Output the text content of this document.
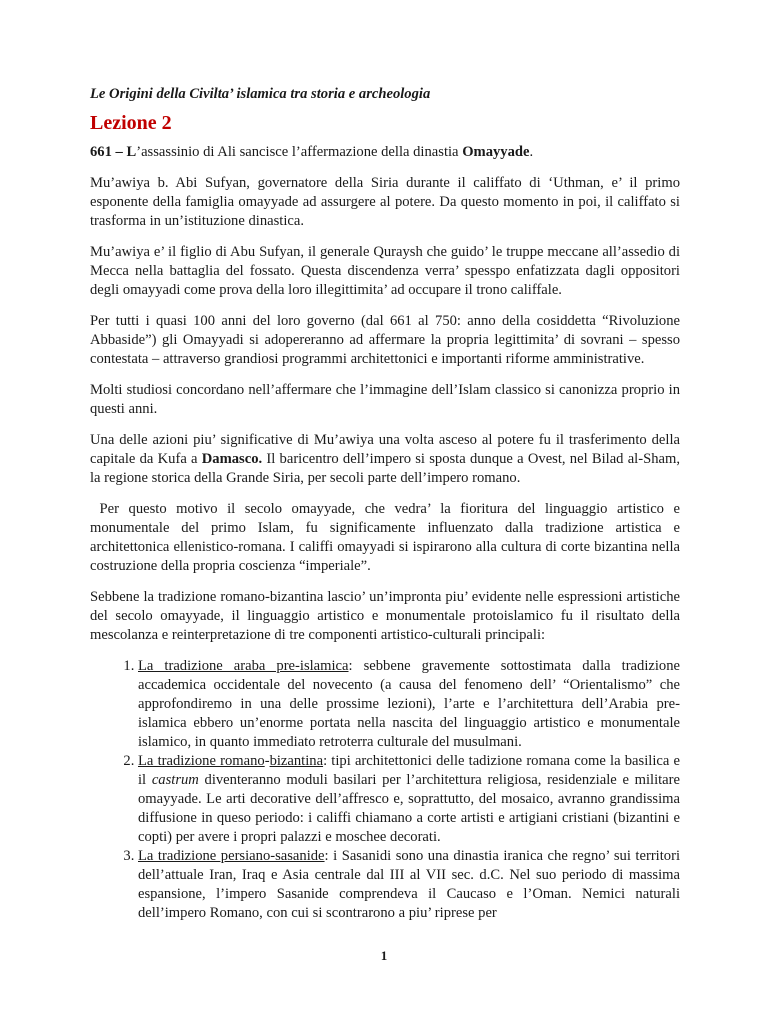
Le Origini della Civilta’ islamica tra storia e archeologia
Lezione 2

661 – L’assassinio di Ali sancisce l’affermazione della dinastia Omayyade.

Mu’awiya b. Abi Sufyan, governatore della Siria durante il califfato di ‘Uthman, e’ il primo esponente della famiglia omayyade ad assurgere al potere. Da questo momento in poi, il califfato si trasforma in un’istituzione dinastica.

Mu’awiya e’ il figlio di Abu Sufyan, il generale Quraysh che guido’ le truppe meccane all’assedio di Mecca nella battaglia del fossato. Questa discendenza verra’ spesspo enfatizzata dagli oppositori degli omayyadi come prova della loro illegittimita’ ad occupare il trono califfale.

Per tutti i quasi 100 anni del loro governo (dal 661 al 750: anno della cosiddetta “Rivoluzione Abbaside”) gli Omayyadi si adopereranno ad affermare la propria legittimita’ di sovrani – spesso contestata – attraverso grandiosi programmi architettonici e importanti riforme amministrative.

Molti studiosi concordano nell’affermare che l’immagine dell’Islam classico si canonizza proprio in questi anni.

Una delle azioni piu’ significative di Mu’awiya una volta asceso al potere fu il trasferimento della capitale da Kufa a Damasco. Il baricentro dell’impero si sposta dunque a Ovest, nel Bilad al-Sham, la regione storica della Grande Siria, per secoli parte dell’impero romano.

Per questo motivo il secolo omayyade, che vedra’ la fioritura del linguaggio artistico e monumentale del primo Islam, fu significamente influenzato dalla tradizione artistica e architettonica ellenistico-romana. I califfi omayyadi si ispirarono alla cultura di corte bizantina nella costruzione della propria coscienza “imperiale”.

Sebbene la tradizione romano-bizantina lascio’ un’impronta piu’ evidente nelle espressioni artistiche del secolo omayyade, il linguaggio artistico e monumentale protoislamico fu il risultato della mescolanza e reinterpretazione di tre componenti artistico-culturali principali:

1. La tradizione araba pre-islamica: sebbene gravemente sottostimata dalla tradizione accademica occidentale del novecento (a causa del fenomeno dell’ “Orientalismo” che approfondiremo in una delle prossime lezioni), l’arte e l’architettura dell’Arabia pre-islamica ebbero un’enorme portata nella nascita del linguaggio artistico e monumentale islamico, in quanto immediato retroterra culturale del musulmani.
2. La tradizione romano-bizantina: tipi architettonici delle tadizione romana come la basilica e il castrum diventeranno moduli basilari per l’architettura religiosa, residenziale e militare omayyade. Le arti decorative dell’affresco e, soprattutto, del mosaico, avranno grandissima diffusione in queso periodo: i califfi chiamano a corte artisti e artigiani cristiani (bizantini e copti) per avere i propri palazzi e moschee decorati.
3. La tradizione persiano-sasanide: i Sasanidi sono una dinastia iranica che regno’ sui territori dell’attuale Iran, Iraq e Asia centrale dal III al VII sec. d.C. Nel suo periodo di massima espansione, l’impero Sasanide comprendeva il Caucaso e l’Oman. Nemici naturali dell’impero Romano, con cui si scontrarono a piu’ riprese per
1
